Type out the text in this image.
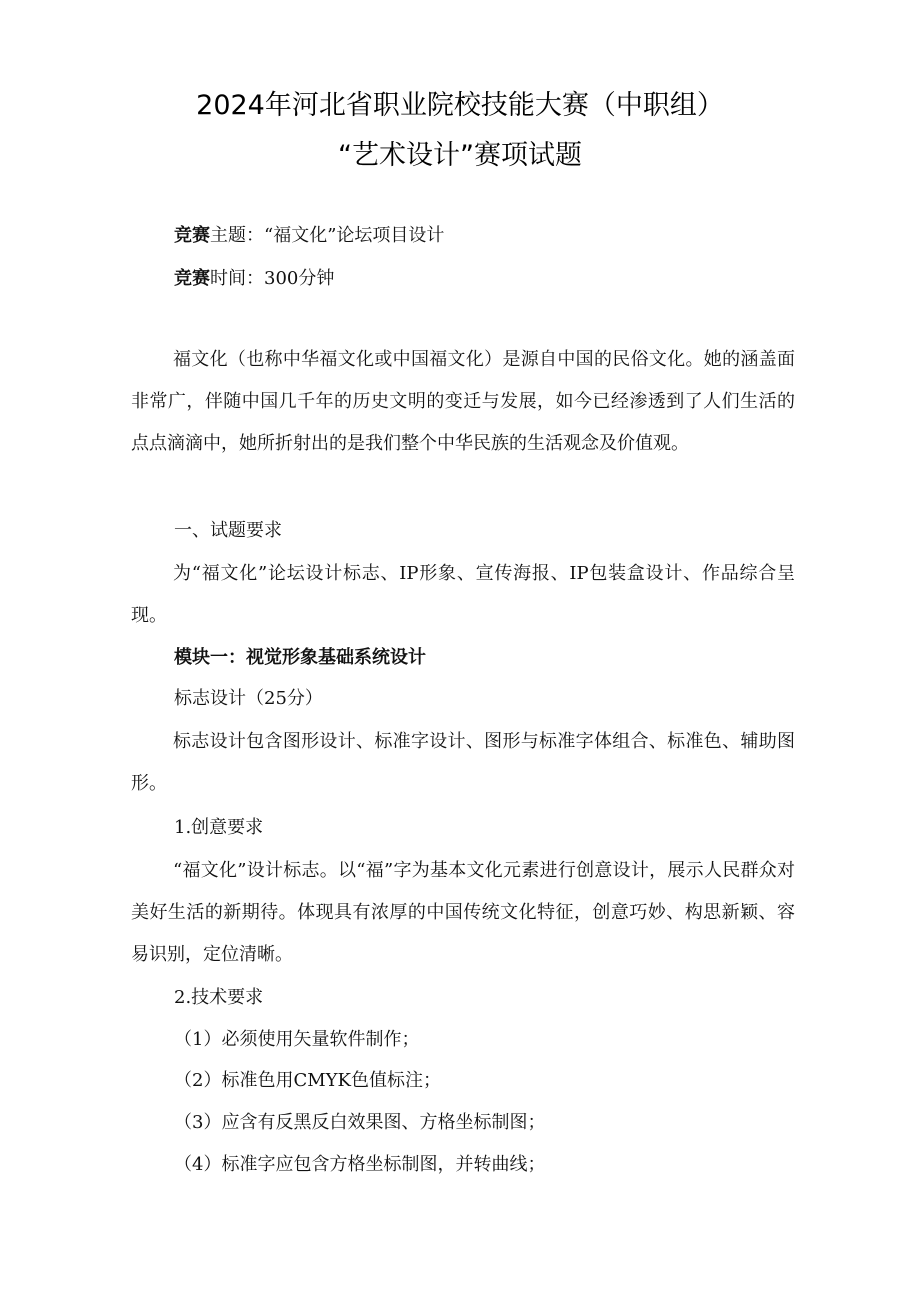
2024年河北省职业院校技能大赛（中职组）
“艺术设计”赛项试题
竞赛主题：“福文化”论坛项目设计
竞赛时间：300分钟
福文化（也称中华福文化或中国福文化）是源自中国的民俗文化。她的涵盖面非常广，伴随中国几千年的历史文明的变迁与发展，如今已经渗透到了人们生活的点点滴滴中，她所折射出的是我们整个中华民族的生活观念及价值观。
一、试题要求
为“福文化”论坛设计标志、IP形象、宣传海报、IP包装盒设计、作品综合呈现。
模块一：视觉形象基础系统设计
标志设计（25分）
标志设计包含图形设计、标准字设计、图形与标准字体组合、标准色、辅助图形。
1.创意要求
“福文化”设计标志。以“福”字为基本文化元素进行创意设计，展示人民群众对美好生活的新期待。体现具有浓厚的中国传统文化特征，创意巧妙、构思新颖、容易识别，定位清晰。
2.技术要求
（1）必须使用矢量软件制作；
（2）标准色用CMYK色值标注；
（3）应含有反黑反白效果图、方格坐标制图；
（4）标准字应包含方格坐标制图，并转曲线；
